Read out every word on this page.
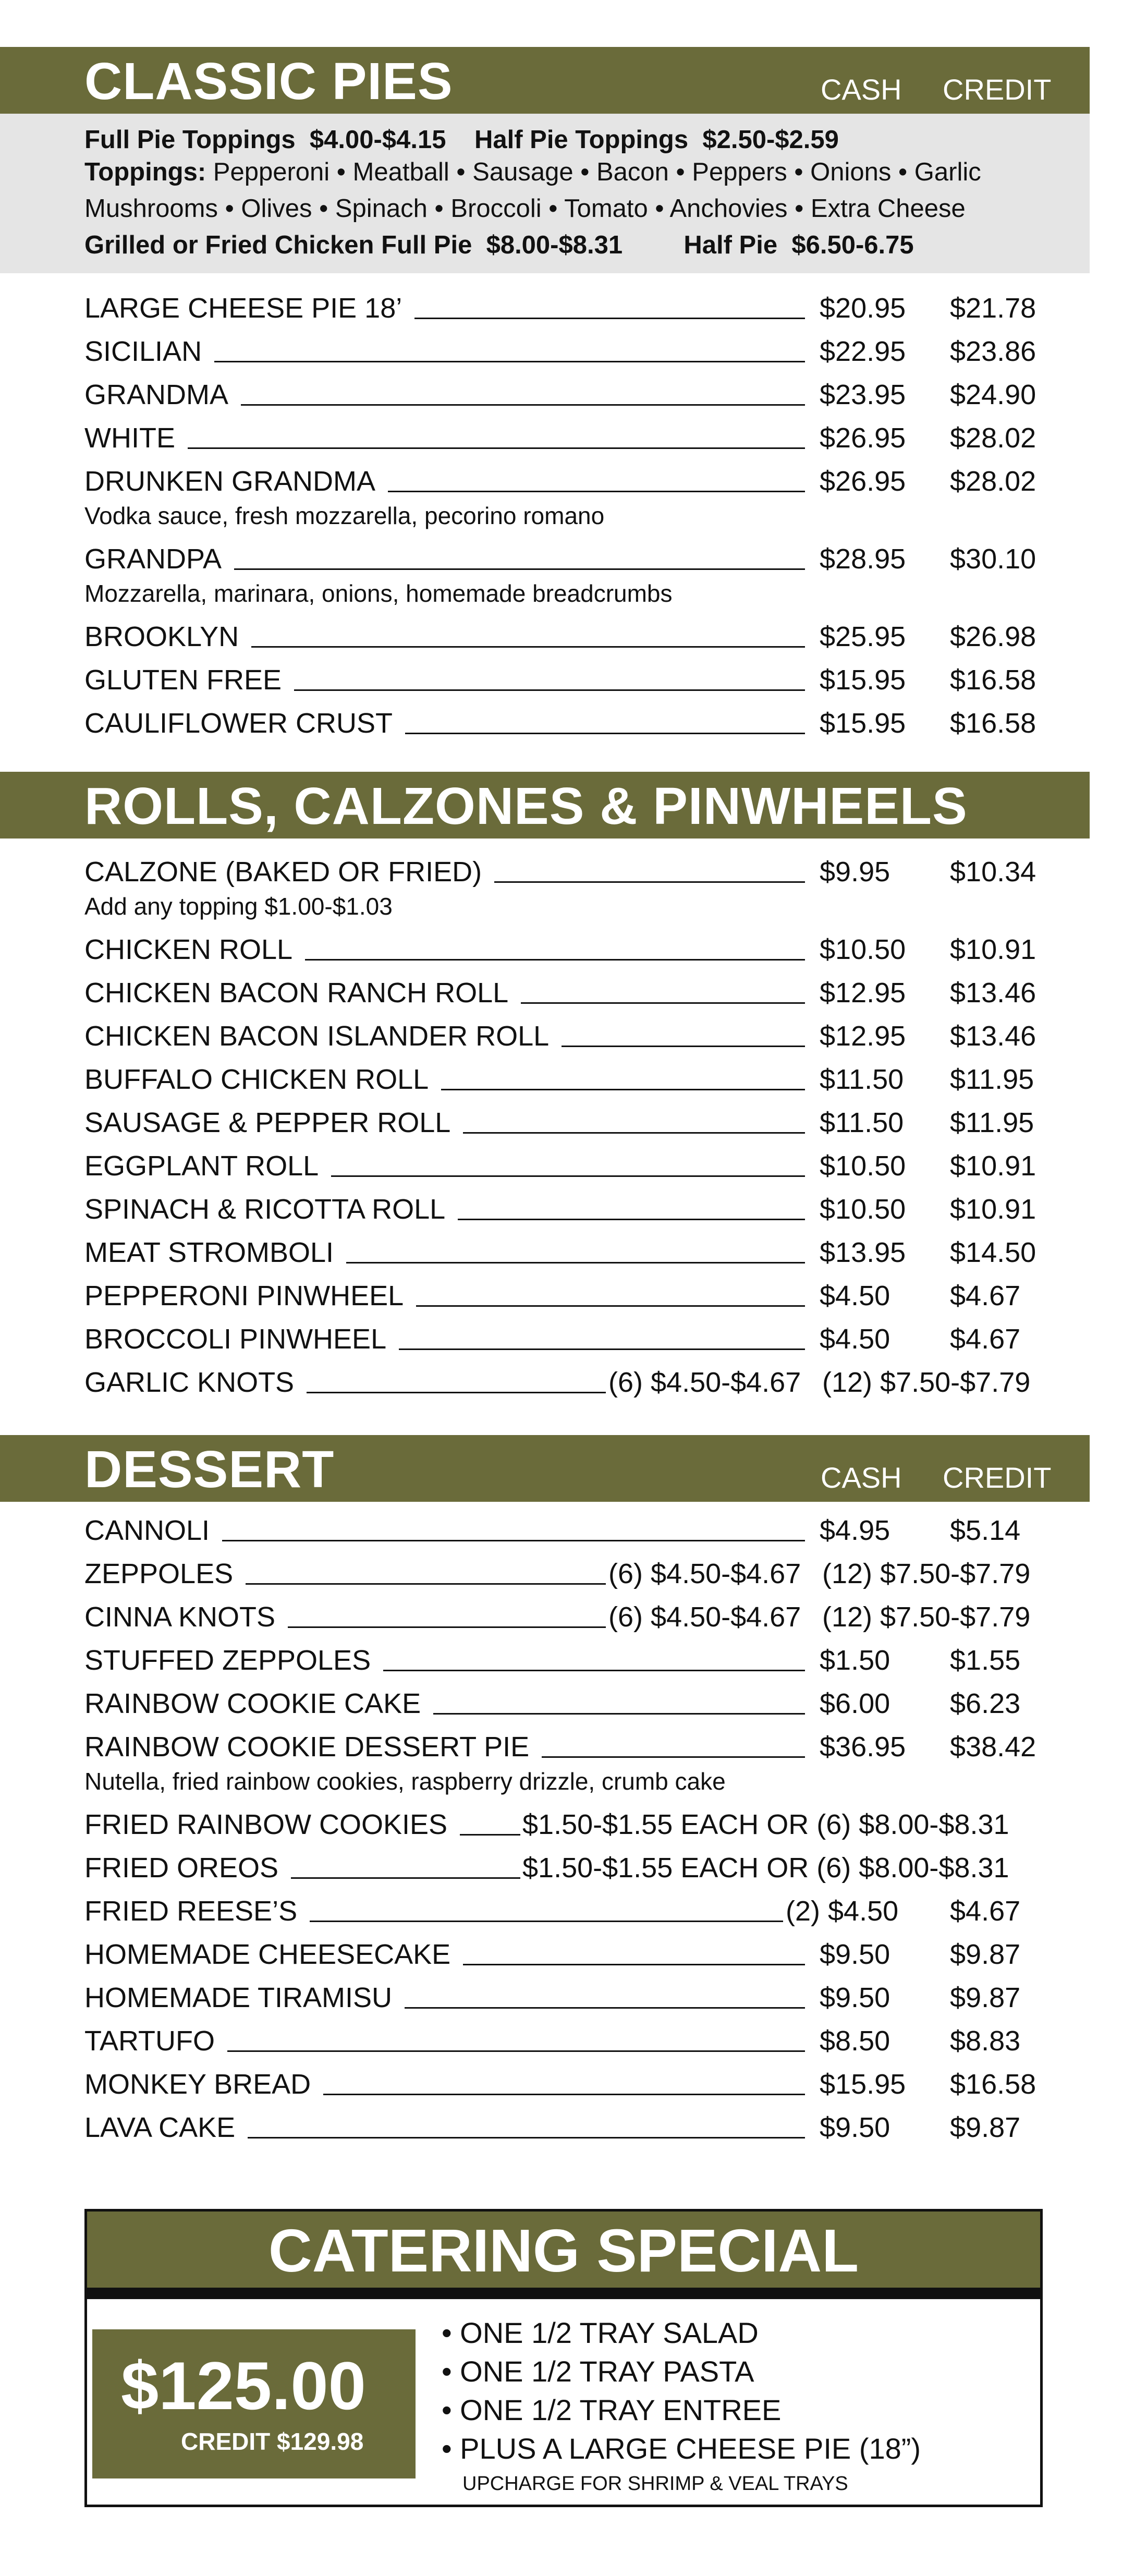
CLASSIC PIES	CASH CREDIT
Full Pie Toppings $4.00-$4.15 Half Pie Toppings $2.50-$2.59
Toppings: Pepperoni • Meatball • Sausage • Bacon • Peppers • Onions • Garlic
Mushrooms • Olives • Spinach • Broccoli • Tomato • Anchovies • Extra Cheese
Grilled or Fried Chicken Full Pie $8.00-$8.31 Half Pie $6.50-6.75
LARGE CHEESE PIE 18’	$20.95 $21.78
SICILIAN	$22.95 $23.86
GRANDMA	$23.95 $24.90
WHITE	$26.95 $28.02
DRUNKEN GRANDMA	$26.95 $28.02
Vodka sauce, fresh mozzarella, pecorino romano
GRANDPA	$28.95 $30.10
Mozzarella, marinara, onions, homemade breadcrumbs
BROOKLYN	$25.95 $26.98
GLUTEN FREE	$15.95 $16.58
CAULIFLOWER CRUST	$15.95 $16.58
ROLLS, CALZONES & PINWHEELS
CALZONE (BAKED OR FRIED)	$9.95 $10.34
Add any topping $1.00-$1.03
CHICKEN ROLL	$10.50 $10.91
CHICKEN BACON RANCH ROLL	$12.95 $13.46
CHICKEN BACON ISLANDER ROLL	$12.95 $13.46
BUFFALO CHICKEN ROLL	$11.50 $11.95
SAUSAGE & PEPPER ROLL	$11.50 $11.95
EGGPLANT ROLL	$10.50 $10.91
SPINACH & RICOTTA ROLL	$10.50 $10.91
MEAT STROMBOLI	$13.95 $14.50
PEPPERONI PINWHEEL	$4.50 $4.67
BROCCOLI PINWHEEL	$4.50 $4.67
GARLIC KNOTS	(6) $4.50-$4.67 (12) $7.50-$7.79
DESSERT	CASH CREDIT
CANNOLI	$4.95 $5.14
ZEPPOLES	(6) $4.50-$4.67 (12) $7.50-$7.79
CINNA KNOTS	(6) $4.50-$4.67 (12) $7.50-$7.79
STUFFED ZEPPOLES	$1.50 $1.55
RAINBOW COOKIE CAKE	$6.00 $6.23
RAINBOW COOKIE DESSERT PIE	$36.95 $38.42
Nutella, fried rainbow cookies, raspberry drizzle, crumb cake
FRIED RAINBOW COOKIES	$1.50-$1.55 EACH OR (6) $8.00-$8.31
FRIED OREOS	$1.50-$1.55 EACH OR (6) $8.00-$8.31
FRIED REESE’S	(2) $4.50 $4.67
HOMEMADE CHEESECAKE	$9.50 $9.87
HOMEMADE TIRAMISU	$9.50 $9.87
TARTUFO	$8.50 $8.83
MONKEY BREAD	$15.95 $16.58
LAVA CAKE	$9.50 $9.87
CATERING SPECIAL
$125.00
CREDIT $129.98
• ONE 1/2 TRAY SALAD
• ONE 1/2 TRAY PASTA
• ONE 1/2 TRAY ENTREE
• PLUS A LARGE CHEESE PIE (18”)
UPCHARGE FOR SHRIMP & VEAL TRAYS
